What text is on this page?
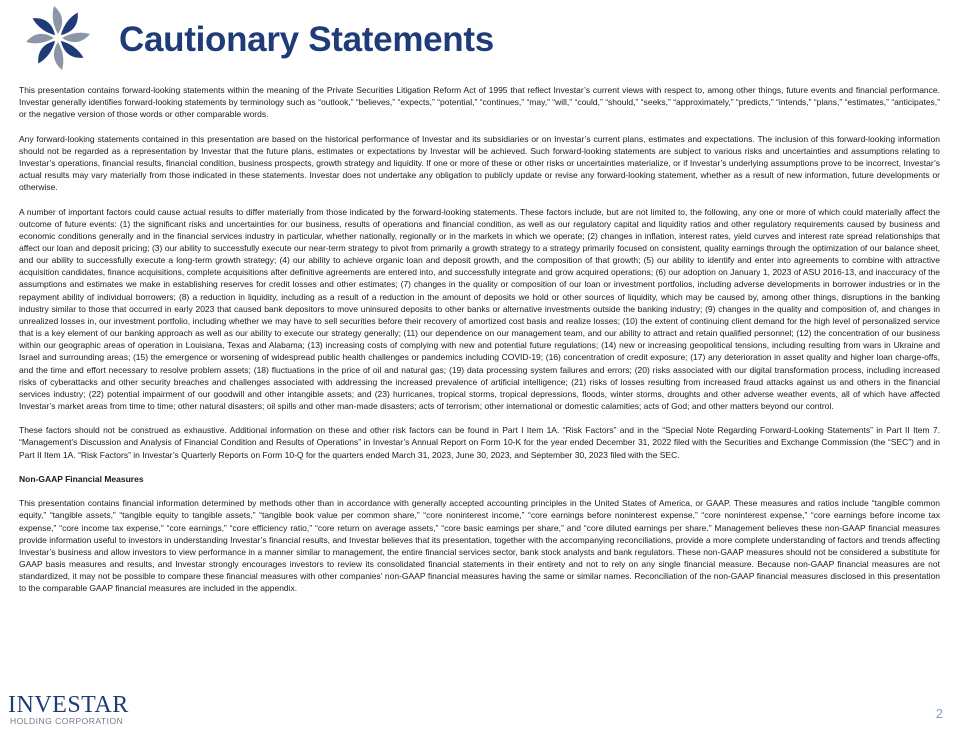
Cautionary Statements

This presentation contains forward-looking statements within the meaning of the Private Securities Litigation Reform Act of 1995 that reflect Investar’s current views with respect to, among other things, future events and financial performance. Investar generally identifies forward-looking statements by terminology such as “outlook,” “believes,” “expects,” “potential,” “continues,” “may,” “will,” “could,” “should,” “seeks,” “approximately,” “predicts,” “intends,” “plans,” “estimates,” “anticipates,” or the negative version of those words or other comparable words.

Any forward-looking statements contained in this presentation are based on the historical performance of Investar and its subsidiaries or on Investar’s current plans, estimates and expectations. The inclusion of this forward-looking information should not be regarded as a representation by Investar that the future plans, estimates or expectations by Investar will be achieved. Such forward-looking statements are subject to various risks and uncertainties and assumptions relating to Investar’s operations, financial results, financial condition, business prospects, growth strategy and liquidity. If one or more of these or other risks or uncertainties materialize, or if Investar’s underlying assumptions prove to be incorrect, Investar’s actual results may vary materially from those indicated in these statements. Investar does not undertake any obligation to publicly update or revise any forward-looking statement, whether as a result of new information, future developments or otherwise.

A number of important factors could cause actual results to differ materially from those indicated by the forward-looking statements. These factors include, but are not limited to, the following, any one or more of which could materially affect the outcome of future events: (1) the significant risks and uncertainties for our business, results of operations and financial condition, as well as our regulatory capital and liquidity ratios and other regulatory requirements caused by business and economic conditions generally and in the financial services industry in particular, whether nationally, regionally or in the markets in which we operate; (2) changes in inflation, interest rates, yield curves and interest rate spread relationships that affect our loan and deposit pricing; (3) our ability to successfully execute our near-term strategy to pivot from primarily a growth strategy to a strategy primarily focused on consistent, quality earnings through the optimization of our balance sheet, and our ability to successfully execute a long-term growth strategy; (4) our ability to achieve organic loan and deposit growth, and the composition of that growth; (5) our ability to identify and enter into agreements to combine with attractive acquisition candidates, finance acquisitions, complete acquisitions after definitive agreements are entered into, and successfully integrate and grow acquired operations; (6) our adoption on January 1, 2023 of ASU 2016-13, and inaccuracy of the assumptions and estimates we make in establishing reserves for credit losses and other estimates; (7) changes in the quality or composition of our loan or investment portfolios, including adverse developments in borrower industries or in the repayment ability of individual borrowers; (8) a reduction in liquidity, including as a result of a reduction in the amount of deposits we hold or other sources of liquidity, which may be caused by, among other things, disruptions in the banking industry similar to those that occurred in early 2023 that caused bank depositors to move uninsured deposits to other banks or alternative investments outside the banking industry; (9) changes in the quality and composition of, and changes in unrealized losses in, our investment portfolio, including whether we may have to sell securities before their recovery of amortized cost basis and realize losses; (10) the extent of continuing client demand for the high level of personalized service that is a key element of our banking approach as well as our ability to execute our strategy generally; (11) our dependence on our management team, and our ability to attract and retain qualified personnel; (12) the concentration of our business within our geographic areas of operation in Louisiana, Texas and Alabama; (13) increasing costs of complying with new and potential future regulations; (14) new or increasing geopolitical tensions, including resulting from wars in Ukraine and Israel and surrounding areas; (15) the emergence or worsening of widespread public health challenges or pandemics including COVID-19; (16) concentration of credit exposure; (17) any deterioration in asset quality and higher loan charge-offs, and the time and effort necessary to resolve problem assets; (18) fluctuations in the price of oil and natural gas; (19) data processing system failures and errors; (20) risks associated with our digital transformation process, including increased risks of cyberattacks and other security breaches and challenges associated with addressing the increased prevalence of artificial intelligence; (21) risks of losses resulting from increased fraud attacks against us and others in the financial services industry; (22) potential impairment of our goodwill and other intangible assets; and (23) hurricanes, tropical storms, tropical depressions, floods, winter storms, droughts and other adverse weather events, all of which have affected Investar’s market areas from time to time; other natural disasters; oil spills and other man-made disasters; acts of terrorism; other international or domestic calamities; acts of God; and other matters beyond our control.

These factors should not be construed as exhaustive. Additional information on these and other risk factors can be found in Part I Item 1A. “Risk Factors” and in the “Special Note Regarding Forward-Looking Statements” in Part II Item 7. “Management’s Discussion and Analysis of Financial Condition and Results of Operations” in Investar’s Annual Report on Form 10-K for the year ended December 31, 2022 filed with the Securities and Exchange Commission (the “SEC”) and in Part II Item 1A. “Risk Factors” in Investar’s Quarterly Reports on Form 10-Q for the quarters ended March 31, 2023, June 30, 2023, and September 30, 2023 filed with the SEC.

Non-GAAP Financial Measures

This presentation contains financial information determined by methods other than in accordance with generally accepted accounting principles in the United States of America, or GAAP. These measures and ratios include “tangible common equity,” “tangible assets,” “tangible equity to tangible assets,” “tangible book value per common share,” “core noninterest income,” “core earnings before noninterest expense,” “core noninterest expense,” “core earnings before income tax expense,” “core income tax expense,” “core earnings,” “core efficiency ratio,” “core return on average assets,” “core basic earnings per share,” and “core diluted earnings per share.” Management believes these non-GAAP financial measures provide information useful to investors in understanding Investar’s financial results, and Investar believes that its presentation, together with the accompanying reconciliations, provide a more complete understanding of factors and trends affecting Investar’s business and allow investors to view performance in a manner similar to management, the entire financial services sector, bank stock analysts and bank regulators. These non-GAAP measures should not be considered a substitute for GAAP basis measures and results, and Investar strongly encourages investors to review its consolidated financial statements in their entirety and not to rely on any single financial measure. Because non-GAAP financial measures are not standardized, it may not be possible to compare these financial measures with other companies’ non-GAAP financial measures having the same or similar names. Reconciliation of the non-GAAP financial measures disclosed in this presentation to the comparable GAAP financial measures are included in the appendix.

INVESTAR
HOLDING CORPORATION	2
